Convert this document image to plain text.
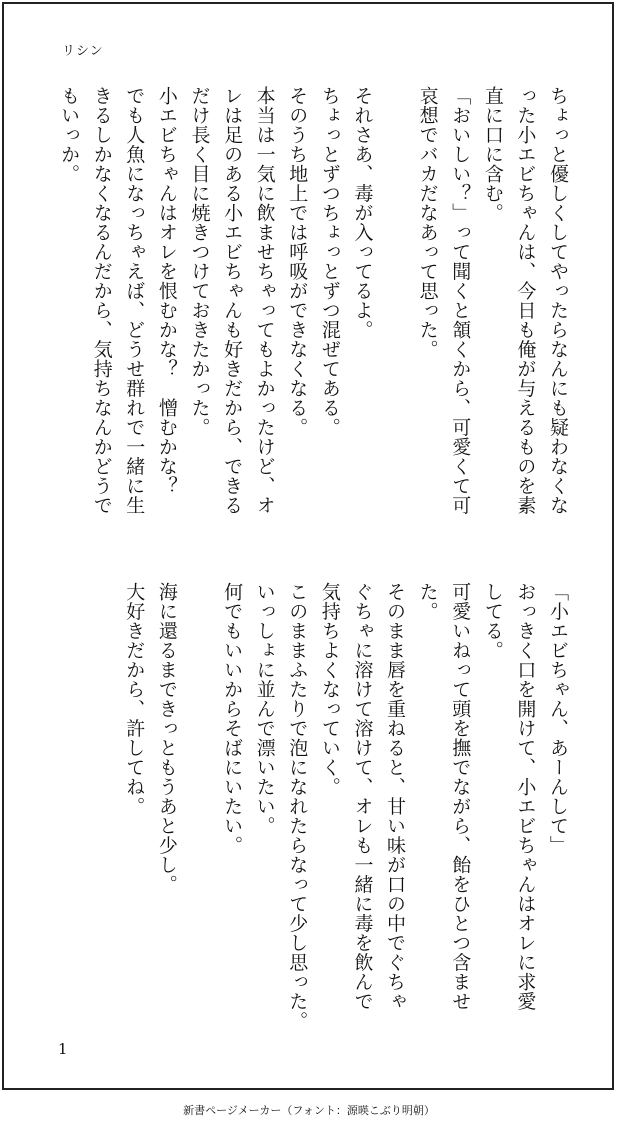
リシン

ちょっと優しくしてやったらなんにも疑わなくな

った小エビちゃんは、今日も俺が与えるものを素

直に口に含む。

「おいしい？」って聞くと頷くから、可愛くて可

哀想でバカだなあって思った。

それさあ、毒が入ってるよ。

ちょっとずつちょっとずつ混ぜてある。

そのうち地上では呼吸ができなくなる。

本当は一気に飲ませちゃってもよかったけど、オ

レは足のある小エビちゃんも好きだから、できる

だけ長く目に焼きつけておきたかった。

小エビちゃんはオレを恨むかな？　憎むかな？

でも人魚になっちゃえば、どうせ群れで一緒に生

きるしかなくなるんだから、気持ちなんかどうで

もいっか。

「小エビちゃん、あーんして」

おっきく口を開けて、小エビちゃんはオレに求愛

してる。

可愛いねって頭を撫でながら、飴をひとつ含ませ

た。

そのまま唇を重ねると、甘い味が口の中でぐちゃ

ぐちゃに溶けて溶けて、オレも一緒に毒を飲んで

気持ちよくなっていく。

このままふたりで泡になれたらなって少し思った。

いっしょに並んで漂いたい。

何でもいいからそばにいたい。

海に還るまできっともうあと少し。

大好きだから、許してね。

1
新書ページメーカー（フォント：源暎こぶり明朝）
